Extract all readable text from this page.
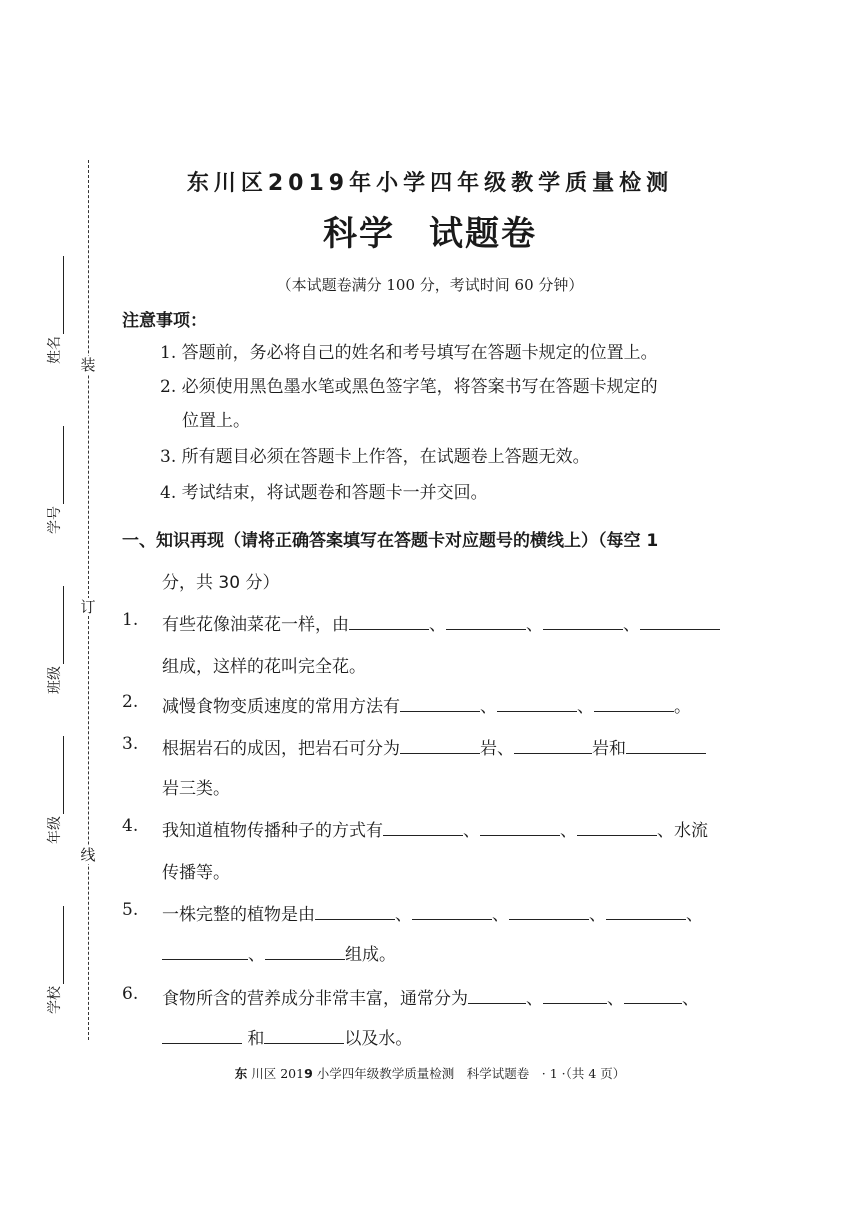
装
订
线
姓名
学号
班级
年级
学校
东川区2019年小学四年级教学质量检测
科学 试题卷
（本试题卷满分 100 分，考试时间 60 分钟）
注意事项：
1. 答题前，务必将自己的姓名和考号填写在答题卡规定的位置上。
2. 必须使用黑色墨水笔或黑色签字笔，将答案书写在答题卡规定的
位置上。
3. 所有题目必须在答题卡上作答，在试题卷上答题无效。
4. 考试结束，将试题卷和答题卡一并交回。
一、知识再现（请将正确答案填写在答题卡对应题号的横线上）（每空 1
分，共 30 分）
1. 有些花像油菜花一样，由	、	、	、
组成，这样的花叫完全花。
2. 减慢食物变质速度的常用方法有	、	、	。
3. 根据岩石的成因，把岩石可分为	岩、	岩和
岩三类。
4. 我知道植物传播种子的方式有	、	、	、水流
传播等。
5. 一株完整的植物是由	、	、	、	、
、	组成。
6. 食物所含的营养成分非常丰富，通常分为	、	、	、
和	以及水。
东 川区 2019 小学四年级教学质量检测　科学试题卷　· 1 ·（共 4 页）
